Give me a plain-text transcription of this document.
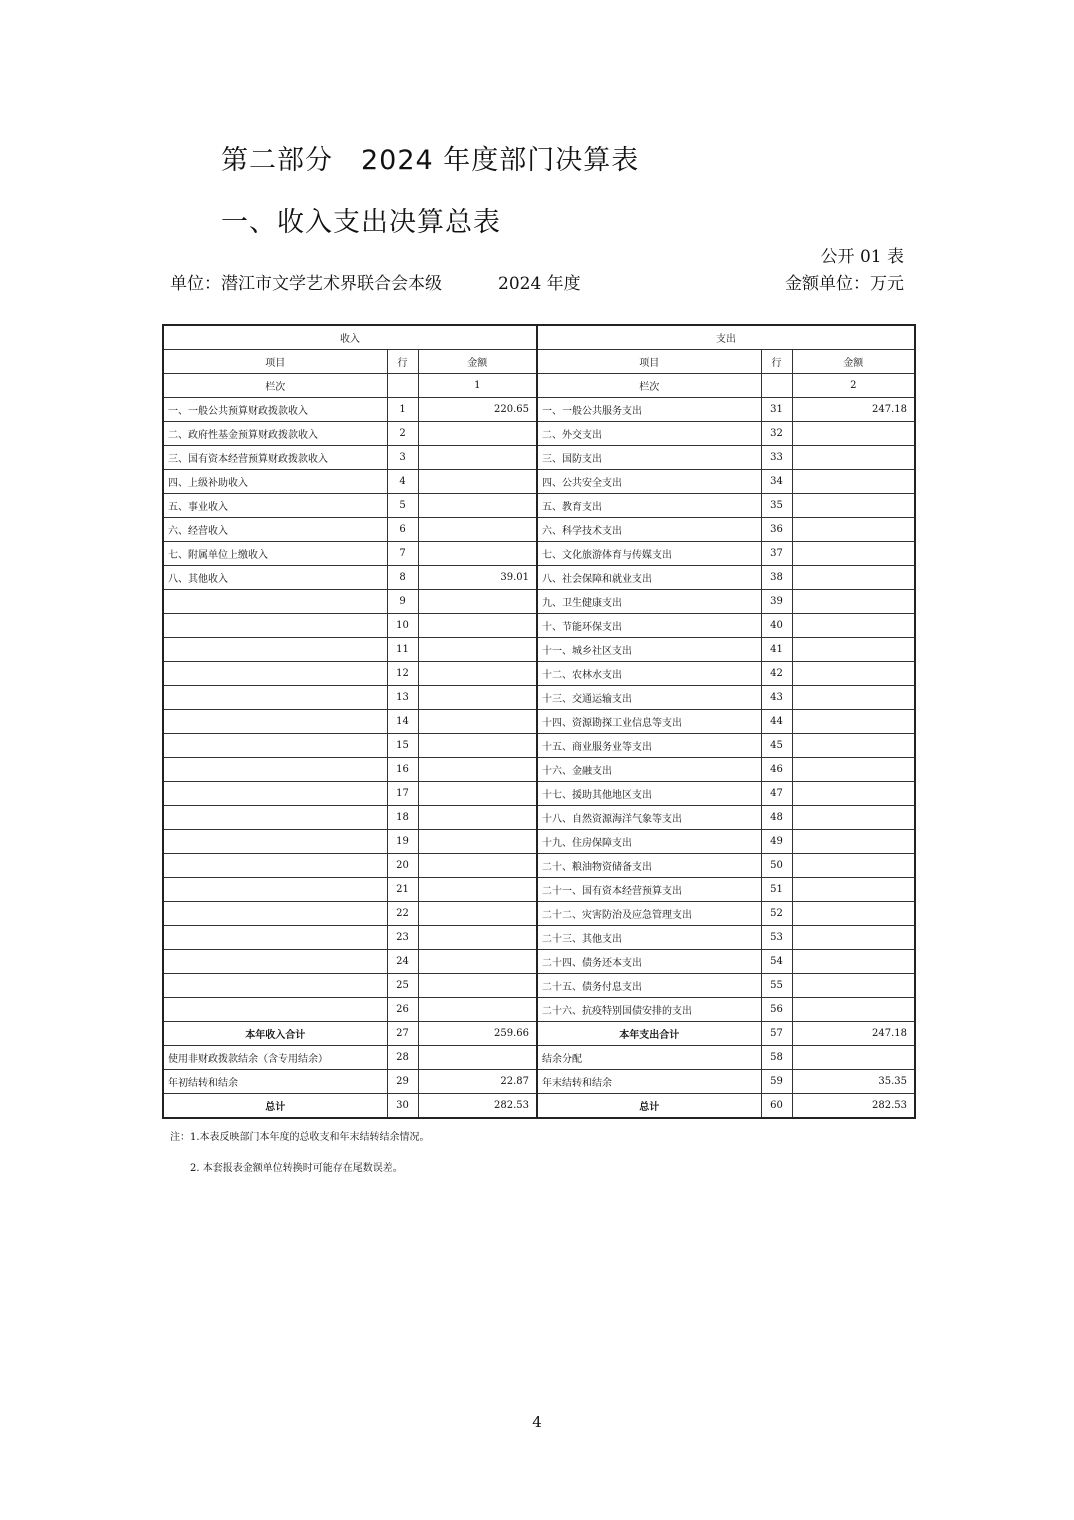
第二部分　2024 年度部门决算表
一、收入支出决算总表
公开 01 表
单位：潜江市文学艺术界联合会本级	2024 年度	金额单位：万元
收入			支出		
项目	行	金额	项目	行	金额
栏次		1	栏次		2
一、一般公共预算财政拨款收入	1	220.65	一、一般公共服务支出	31	247.18
二、政府性基金预算财政拨款收入	2		二、外交支出	32	
三、国有资本经营预算财政拨款收入	3		三、国防支出	33	
四、上级补助收入	4		四、公共安全支出	34	
五、事业收入	5		五、教育支出	35	
六、经营收入	6		六、科学技术支出	36	
七、附属单位上缴收入	7		七、文化旅游体育与传媒支出	37	
八、其他收入	8	39.01	八、社会保障和就业支出	38	
	9		九、卫生健康支出	39	
	10		十、节能环保支出	40	
	11		十一、城乡社区支出	41	
	12		十二、农林水支出	42	
	13		十三、交通运输支出	43	
	14		十四、资源勘探工业信息等支出	44	
	15		十五、商业服务业等支出	45	
	16		十六、金融支出	46	
	17		十七、援助其他地区支出	47	
	18		十八、自然资源海洋气象等支出	48	
	19		十九、住房保障支出	49	
	20		二十、粮油物资储备支出	50	
	21		二十一、国有资本经营预算支出	51	
	22		二十二、灾害防治及应急管理支出	52	
	23		二十三、其他支出	53	
	24		二十四、债务还本支出	54	
	25		二十五、债务付息支出	55	
	26		二十六、抗疫特别国债安排的支出	56	
本年收入合计	27	259.66	本年支出合计	57	247.18
使用非财政拨款结余（含专用结余）	28		结余分配	58	
年初结转和结余	29	22.87	年末结转和结余	59	35.35
总计	30	282.53	总计	60	282.53
注：1.本表反映部门本年度的总收支和年末结转结余情况。
2. 本套报表金额单位转换时可能存在尾数误差。
4
